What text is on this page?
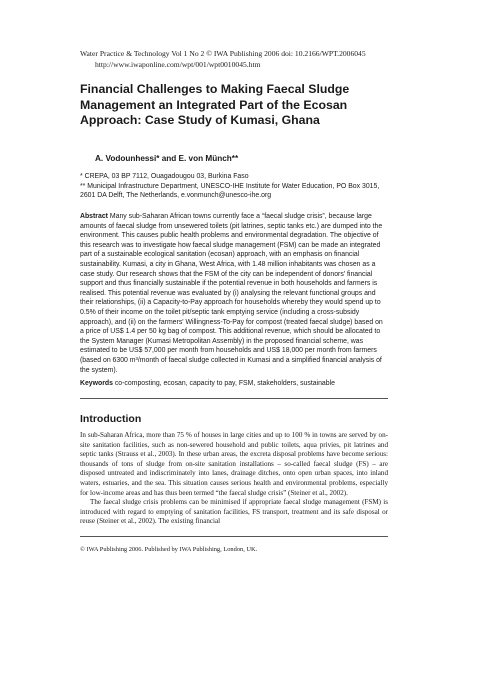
Water Practice & Technology Vol 1 No 2 © IWA Publishing 2006 doi: 10.2166/WPT.2006045
http://www.iwaponline.com/wpt/001/wpt0010045.htm
Financial Challenges to Making Faecal Sludge Management an Integrated Part of the Ecosan Approach: Case Study of Kumasi, Ghana
A. Vodounhessi* and E. von Münch**
* CREPA, 03 BP 7112, Ouagadougou 03, Burkina Faso
** Municipal Infrastructure Department, UNESCO-IHE Institute for Water Education, PO Box 3015, 2601 DA Delft, The Netherlands, e.vonmunch@unesco-ihe.org
Abstract Many sub-Saharan African towns currently face a “faecal sludge crisis”, because large amounts of faecal sludge from unsewered toilets (pit latrines, septic tanks etc.) are dumped into the environment. This causes public health problems and environmental degradation. The objective of this research was to investigate how faecal sludge management (FSM) can be made an integrated part of a sustainable ecological sanitation (ecosan) approach, with an emphasis on financial sustainability. Kumasi, a city in Ghana, West Africa, with 1.48 million inhabitants was chosen as a case study. Our research shows that the FSM of the city can be independent of donors' financial support and thus financially sustainable if the potential revenue in both households and farmers is realised. This potential revenue was evaluated by (i) analysing the relevant functional groups and their relationships, (ii) a Capacity-to-Pay approach for households whereby they would spend up to 0.5% of their income on the toilet pit/septic tank emptying service (including a cross-subsidy approach), and (ii) on the farmers' Willingness-To-Pay for compost (treated faecal sludge) based on a price of US$ 1.4 per 50 kg bag of compost. This additional revenue, which should be allocated to the System Manager (Kumasi Metropolitan Assembly) in the proposed financial scheme, was estimated to be US$ 57,000 per month from households and US$ 18,000 per month from farmers (based on 6300 m³/month of faecal sludge collected in Kumasi and a simplified financial analysis of the system).
Keywords co-composting, ecosan, capacity to pay, FSM, stakeholders, sustainable
Introduction

In sub-Saharan Africa, more than 75 % of houses in large cities and up to 100 % in towns are served by on-site sanitation facilities, such as non-sewered household and public toilets, aqua privies, pit latrines and septic tanks (Strauss et al., 2003). In these urban areas, the excreta disposal problems have become serious: thousands of tons of sludge from on-site sanitation installations – so-called faecal sludge (FS) – are disposed untreated and indiscriminately into lanes, drainage ditches, onto open urban spaces, into inland waters, estuaries, and the sea. This situation causes serious health and environmental problems, especially for low-income areas and has thus been termed “the faecal sludge crisis” (Steiner et al., 2002).

The faecal sludge crisis problems can be minimised if appropriate faecal sludge management (FSM) is introduced with regard to emptying of sanitation facilities, FS transport, treatment and its safe disposal or reuse (Steiner et al., 2002). The existing financial

© IWA Publishing 2006. Published by IWA Publishing, London, UK.
